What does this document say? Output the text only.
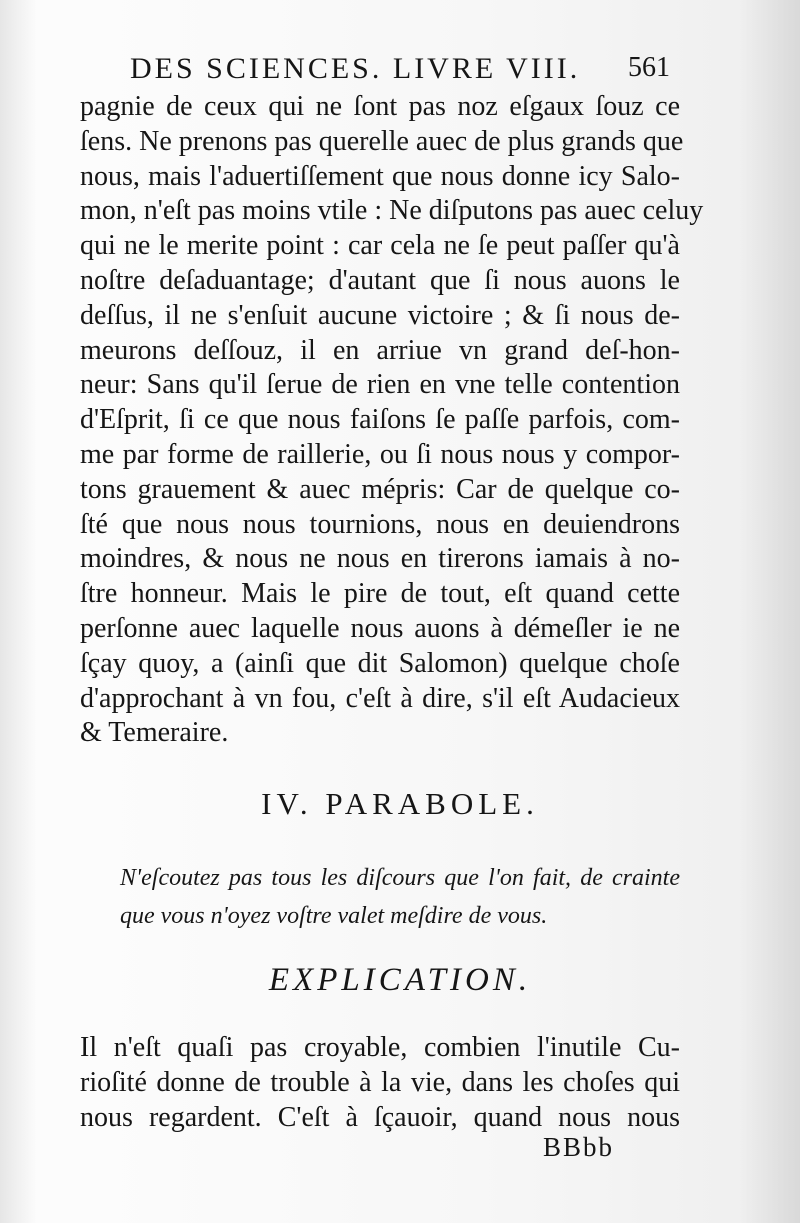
DES SCIENCES. LIVRE VIII. 561
pagnie de ceux qui ne ſont pas noz eſgaux ſouz ce
ſens. Ne prenons pas querelle auec de plus grands que
nous, mais l'aduertiſſement que nous donne icy Salo-
mon, n'eſt pas moins vtile : Ne diſputons pas auec celuy
qui ne le merite point : car cela ne ſe peut paſſer qu'à
noſtre deſaduantage; d'autant que ſi nous auons le
deſſus, il ne s'enſuit aucune victoire ; & ſi nous de-
meurons deſſouz, il en arriue vn grand deſ-hon-
neur: Sans qu'il ſerue de rien en vne telle contention
d'Eſprit, ſi ce que nous faiſons ſe paſſe parfois, com-
me par forme de raillerie, ou ſi nous nous y compor-
tons grauement & auec mépris: Car de quelque co-
ſté que nous nous tournions, nous en deuiendrons
moindres, & nous ne nous en tirerons iamais à no-
ſtre honneur. Mais le pire de tout, eſt quand cette
perſonne auec laquelle nous auons à démeſler ie ne
ſçay quoy, a (ainſi que dit Salomon) quelque choſe
d'approchant à vn fou, c'eſt à dire, s'il eſt Audacieux
& Temeraire.
IV. PARABOLE.
N'eſcoutez pas tous les diſcours que l'on fait, de crainte
que vous n'oyez voſtre valet meſdire de vous.
EXPLICATION.
Il n'eſt quaſi pas croyable, combien l'inutile Cu-
rioſité donne de trouble à la vie, dans les choſes qui
nous regardent. C'eſt à ſçauoir, quand nous nous
BBbb
